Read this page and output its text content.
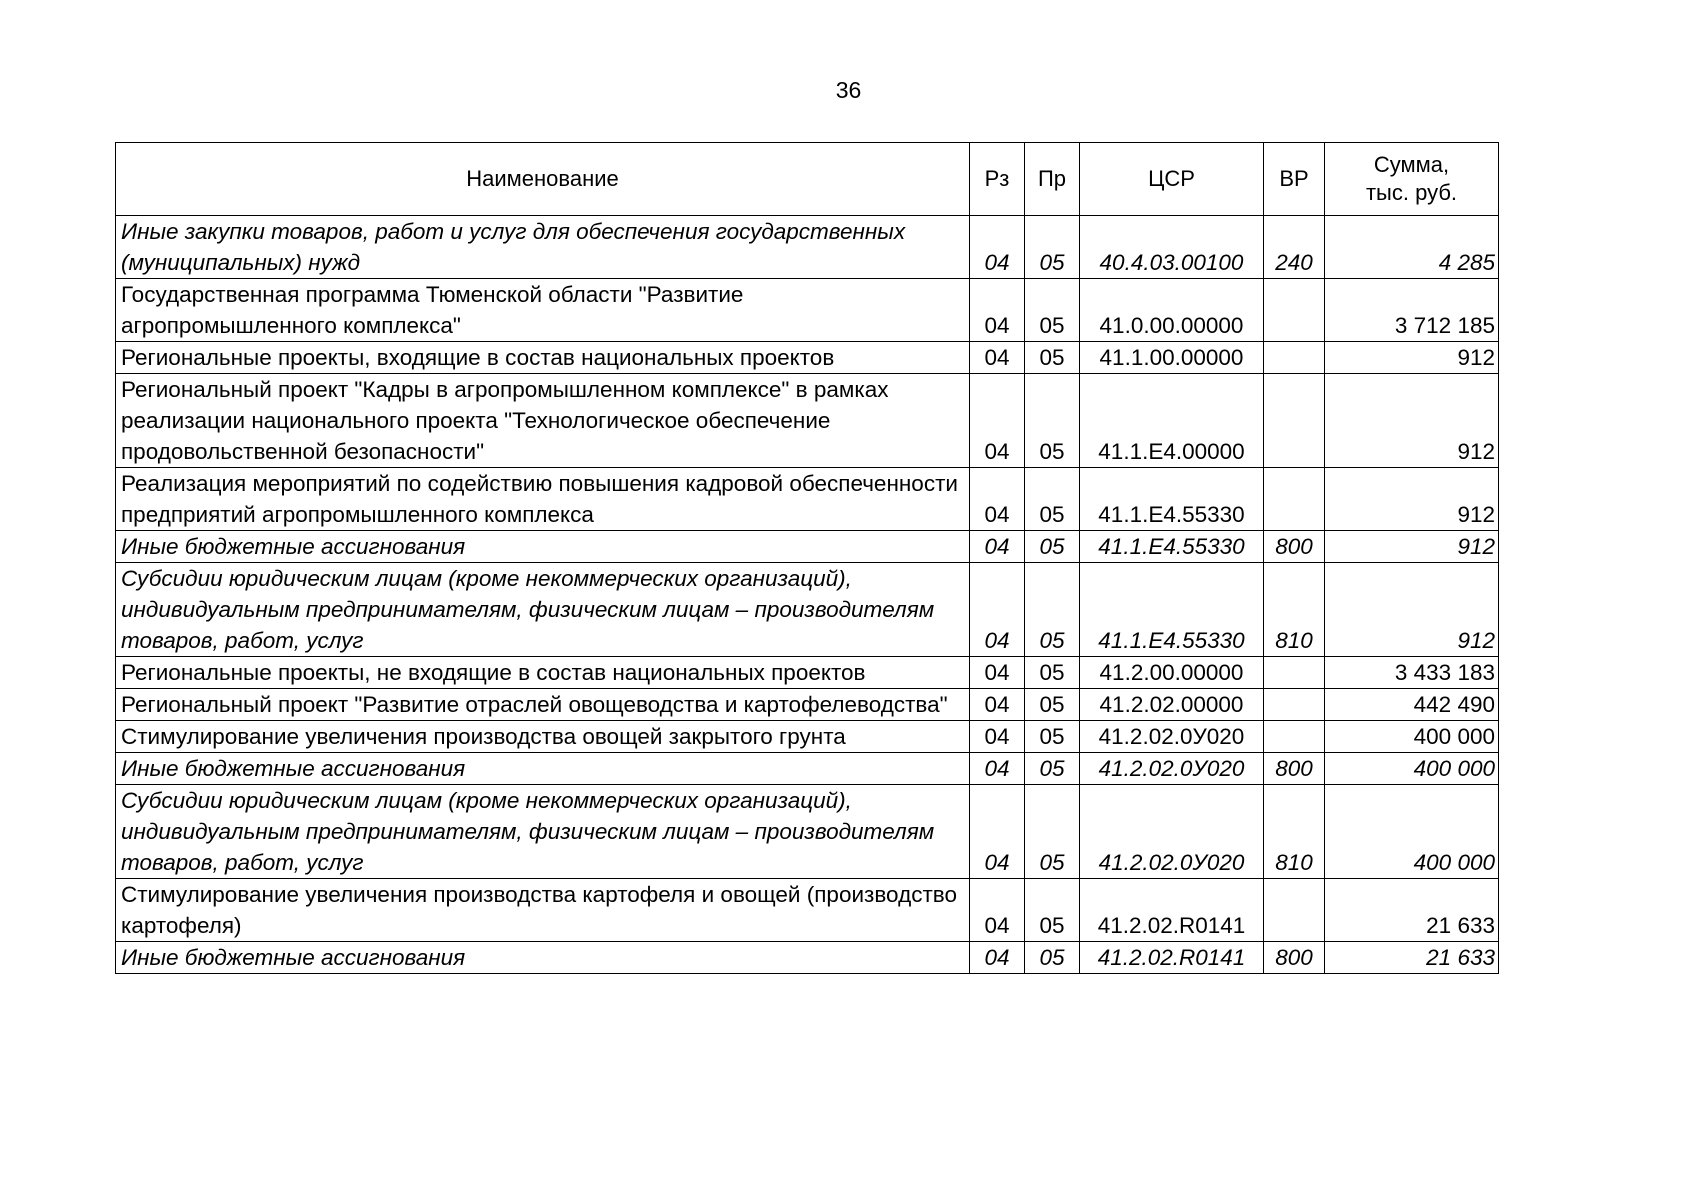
36
Наименование	Рз	Пр	ЦСР	ВР	Сумма,
тыс. руб.

Иные закупки товаров, работ и услуг для обеспечения государственных (муниципальных) нужд	04	05	40.4.03.00100	240	4 285
Государственная программа Тюменской области "Развитие агропромышленного комплекса"	04	05	41.0.00.00000		3 712 185
Региональные проекты, входящие в состав национальных проектов	04	05	41.1.00.00000		912
Региональный проект "Кадры в агропромышленном комплексе" в рамках реализации национального проекта "Технологическое обеспечение продовольственной безопасности"	04	05	41.1.Е4.00000		912
Реализация мероприятий по содействию повышения кадровой обеспеченности предприятий агропромышленного комплекса	04	05	41.1.Е4.55330		912
Иные бюджетные ассигнования	04	05	41.1.Е4.55330	800	912
Субсидии юридическим лицам (кроме некоммерческих организаций), индивидуальным предпринимателям, физическим лицам – производителям товаров, работ, услуг	04	05	41.1.Е4.55330	810	912
Региональные проекты, не входящие в состав национальных проектов	04	05	41.2.00.00000		3 433 183
Региональный проект "Развитие отраслей овощеводства и картофелеводства"	04	05	41.2.02.00000		442 490
Стимулирование увеличения производства овощей закрытого грунта	04	05	41.2.02.0У020		400 000
Иные бюджетные ассигнования	04	05	41.2.02.0У020	800	400 000
Субсидии юридическим лицам (кроме некоммерческих организаций), индивидуальным предпринимателям, физическим лицам – производителям товаров, работ, услуг	04	05	41.2.02.0У020	810	400 000
Стимулирование увеличения производства картофеля и овощей (производство картофеля)	04	05	41.2.02.R0141		21 633
Иные бюджетные ассигнования	04	05	41.2.02.R0141	800	21 633
